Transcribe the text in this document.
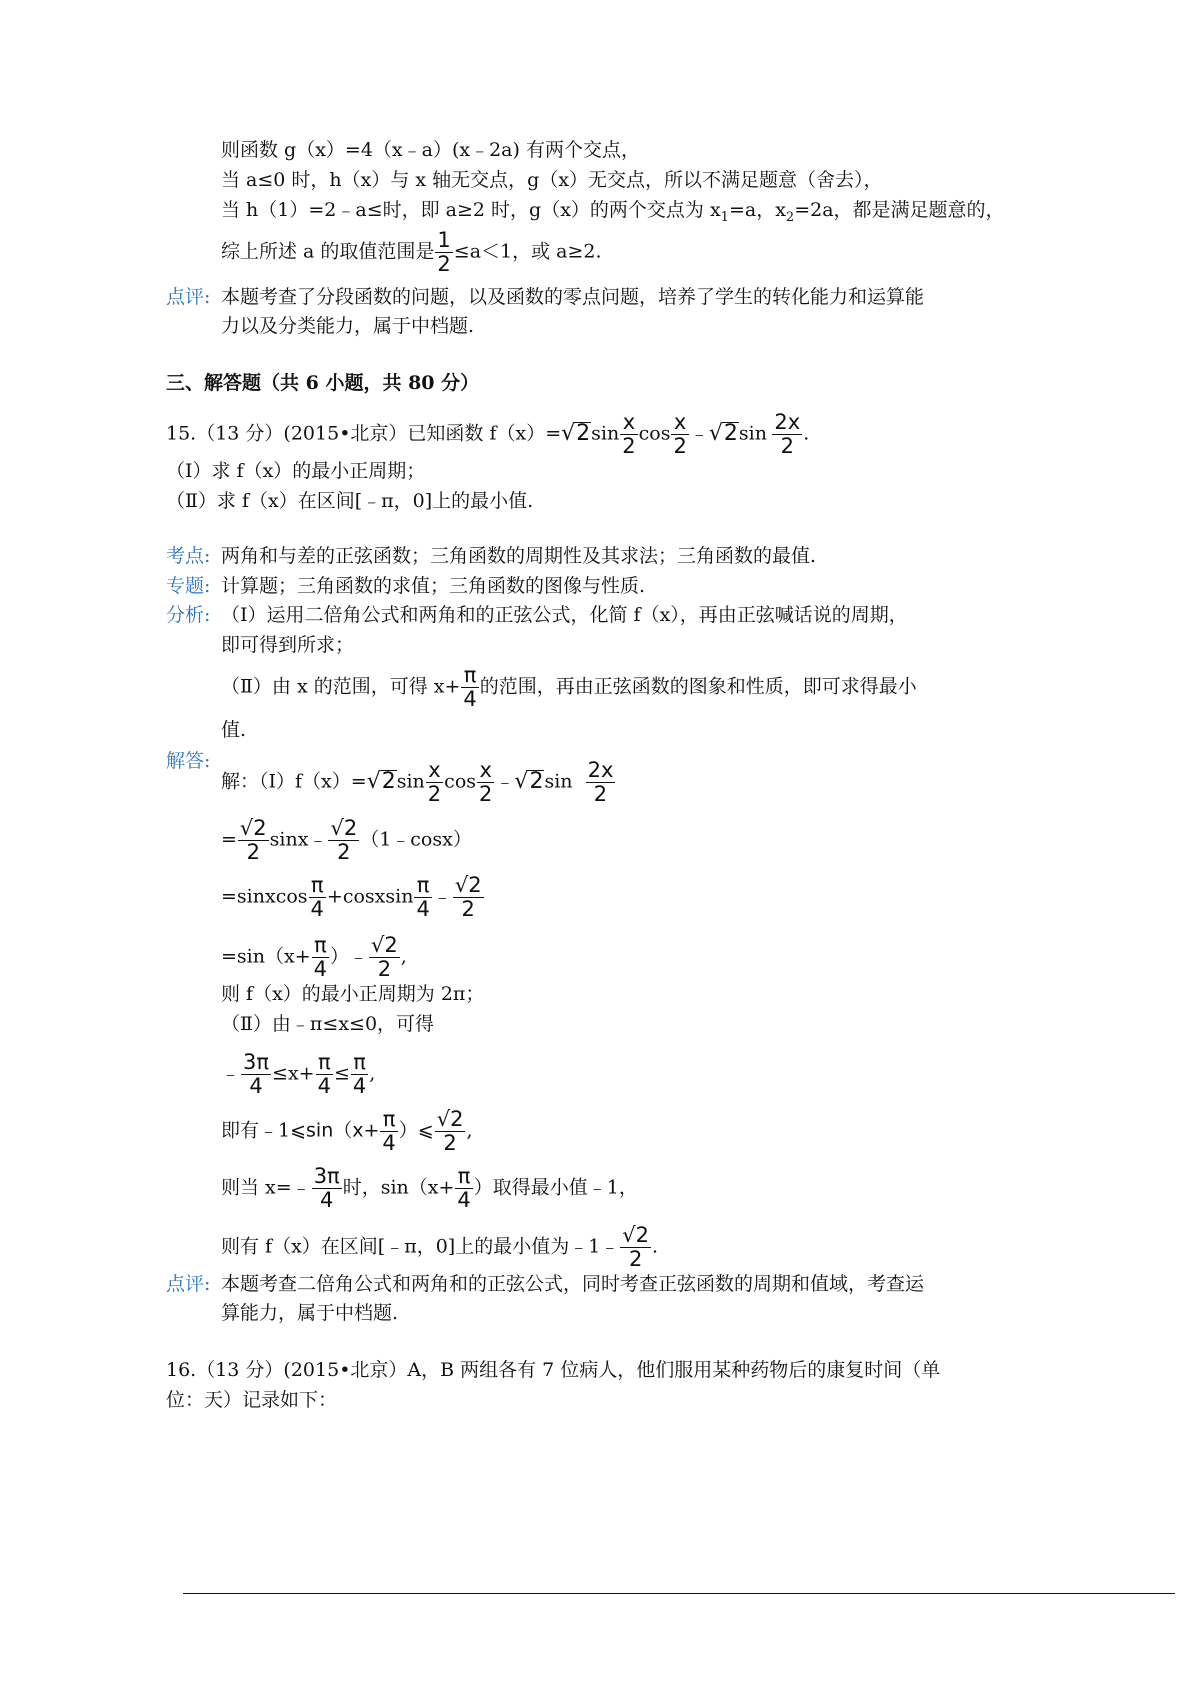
则函数 g（x）=4（x﹣a）(x﹣2a) 有两个交点，
当 a≤0 时，h（x）与 x 轴无交点，g（x）无交点，所以不满足题意（舍去），
当 h（1）=2﹣a≤时，即 a≥2 时，g（x）的两个交点为 $x_1=a$，$x_2=2a$，都是满足题意的，
综上所述 a 的取值范围是 $\frac{1}{2} \le a<1$，或 a≥2.
点评: 本题考查了分段函数的问题，以及函数的零点问题，培养了学生的转化能力和运算能
力以及分类能力，属于中档题.
三、解答题（共 6 小题，共 80 分）
15.（13 分）(2015•北京）已知函数 $f(x)=√2\sin \frac{x}{2}$ $\cos \frac{x}{2}$ ﹣√2sin $\frac{2x}{2}$ .
（Ⅰ）求 f（x）的最小正周期；
（Ⅱ）求 f（x）在区间[﹣π，0]上的最小值.
考点: 两角和与差的正弦函数；三角函数的周期性及其求法；三角函数的最值.
专题: 计算题；三角函数的求值；三角函数的图像与性质.
分析: （Ⅰ）运用二倍角公式和两角和的正弦公式，化简 f（x），再由正弦喊话说的周期，
即可得到所求；
（Ⅱ）由 x 的范围，可得 $x+ \frac{\pi}{4}$ 的范围，再由正弦函数的图象和性质，即可求得最小
值.
解答:
解：（Ⅰ）f（x）=√2sin $\frac{x}{2}$ $\cos \frac{x}{2}$ ﹣√2sin $\frac{2x}{2}$
= $\frac{√2}{2}$ sinx﹣ $\frac{√2}{2}$ （1﹣cosx）
=sinxcos $\frac{\pi}{4}$ +cosxsin $\frac{\pi}{4}$ ﹣ $\frac{√2}{2}$
$=\sin(x+ \frac{\pi}{4}$ ）﹣ $\frac{√2}{2}$ ,
则 f（x）的最小正周期为 2π；
（Ⅱ）由﹣π≤x≤0，可得
﹣ $\frac{3\pi}{4} \le x+ \frac{\pi}{4} \le \frac{\pi}{4}$ ,
即有﹣1⩽sin（x+ $\frac{\pi}{4}$ ）⩽ $\frac{√2}{2}$ ,
则当 x=﹣ $\frac{3\pi}{4}$ 时，$\sin(x+ \frac{\pi}{4}$ ）取得最小值﹣1，
则有 f（x）在区间[﹣π，0]上的最小值为﹣1﹣ $\frac{√2}{2}$ .
点评: 本题考查二倍角公式和两角和的正弦公式，同时考查正弦函数的周期和值域，考查运
算能力，属于中档题.
16.（13 分）(2015•北京）A，B 两组各有 7 位病人，他们服用某种药物后的康复时间（单
位：天）记录如下：
